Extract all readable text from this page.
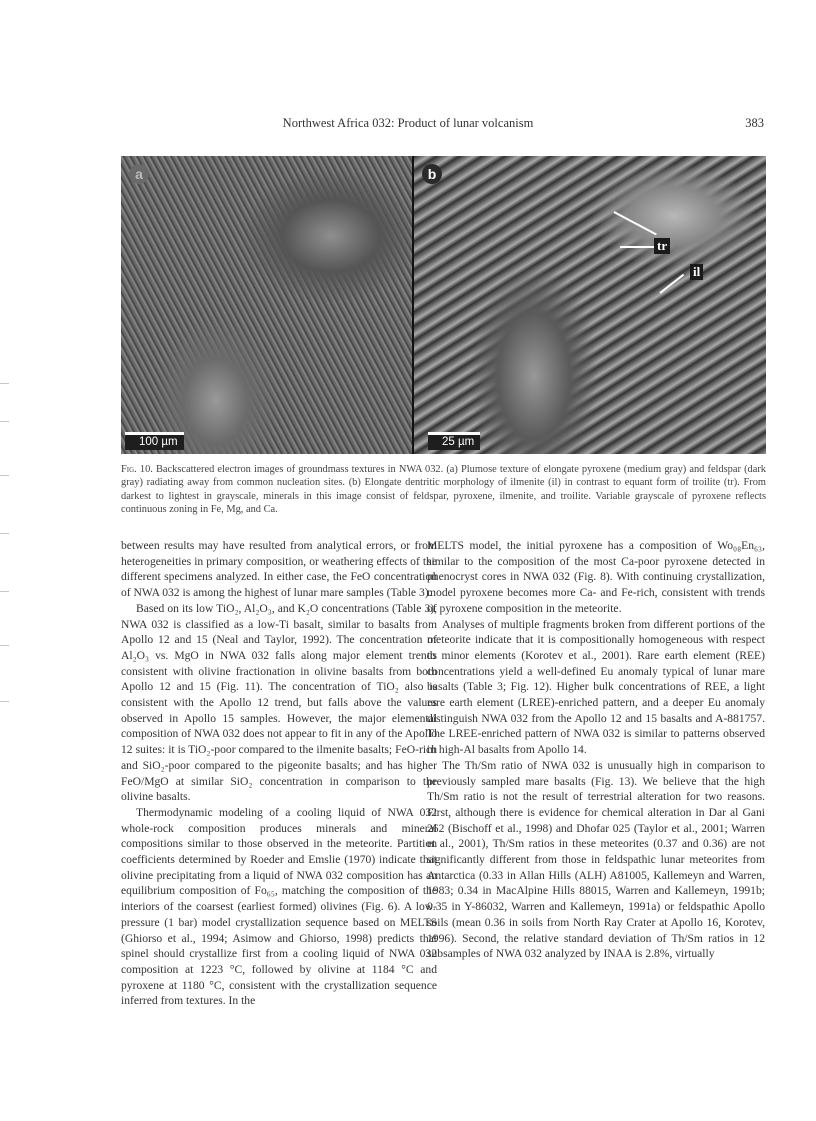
Northwest Africa 032: Product of lunar volcanism	383
a
100 µm
b
tr
il
25 µm
Fig. 10. Backscattered electron images of groundmass textures in NWA 032. (a) Plumose texture of elongate pyroxene (medium gray) and feldspar (dark gray) radiating away from common nucleation sites. (b) Elongate dentritic morphology of ilmenite (il) in contrast to equant form of troilite (tr). From darkest to lightest in grayscale, minerals in this image consist of feldspar, pyroxene, ilmenite, and troilite. Variable grayscale of pyroxene reflects continuous zoning in Fe, Mg, and Ca.

between results may have resulted from analytical errors, or from heterogeneities in primary composition, or weathering effects of the different specimens analyzed. In either case, the FeO concentration of NWA 032 is among the highest of lunar mare samples (Table 3).

Based on its low TiO₂, Al₂O₃, and K₂O concentrations (Table 3), NWA 032 is classified as a low-Ti basalt, similar to basalts from Apollo 12 and 15 (Neal and Taylor, 1992). The concentration of Al₂O₃ vs. MgO in NWA 032 falls along major element trends consistent with olivine fractionation in olivine basalts from both Apollo 12 and 15 (Fig. 11). The concentration of TiO₂ also is consistent with the Apollo 12 trend, but falls above the values observed in Apollo 15 samples. However, the major elemental composition of NWA 032 does not appear to fit in any of the Apollo 12 suites: it is TiO₂-poor compared to the ilmenite basalts; FeO-rich and SiO₂-poor compared to the pigeonite basalts; and has higher FeO/MgO at similar SiO₂ concentration in comparison to the olivine basalts.

Thermodynamic modeling of a cooling liquid of NWA 032 whole-rock composition produces minerals and mineral compositions similar to those observed in the meteorite. Partition coefficients determined by Roeder and Emslie (1970) indicate that olivine precipitating from a liquid of NWA 032 composition has an equilibrium composition of Fo₆₅, matching the composition of the interiors of the coarsest (earliest formed) olivines (Fig. 6). A low-pressure (1 bar) model crystallization sequence based on MELTS (Ghiorso et al., 1994; Asimow and Ghiorso, 1998) predicts that spinel should crystallize first from a cooling liquid of NWA 032 composition at 1223 °C, followed by olivine at 1184 °C and pyroxene at 1180 °C, consistent with the crystallization sequence inferred from textures. In the

MELTS model, the initial pyroxene has a composition of Wo₀₈En₆₃, similar to the composition of the most Ca-poor pyroxene detected in phenocryst cores in NWA 032 (Fig. 8). With continuing crystallization, model pyroxene becomes more Ca- and Fe-rich, consistent with trends of pyroxene composition in the meteorite.

Analyses of multiple fragments broken from different portions of the meteorite indicate that it is compositionally homogeneous with respect to minor elements (Korotev et al., 2001). Rare earth element (REE) concentrations yield a well-defined Eu anomaly typical of lunar mare basalts (Table 3; Fig. 12). Higher bulk concentrations of REE, a light rare earth element (LREE)-enriched pattern, and a deeper Eu anomaly distinguish NWA 032 from the Apollo 12 and 15 basalts and A-881757. The LREE-enriched pattern of NWA 032 is similar to patterns observed in high-Al basalts from Apollo 14.

The Th/Sm ratio of NWA 032 is unusually high in comparison to previously sampled mare basalts (Fig. 13). We believe that the high Th/Sm ratio is not the result of terrestrial alteration for two reasons. First, although there is evidence for chemical alteration in Dar al Gani 262 (Bischoff et al., 1998) and Dhofar 025 (Taylor et al., 2001; Warren et al., 2001), Th/Sm ratios in these meteorites (0.37 and 0.36) are not significantly different from those in feldspathic lunar meteorites from Antarctica (0.33 in Allan Hills (ALH) A81005, Kallemeyn and Warren, 1983; 0.34 in MacAlpine Hills 88015, Warren and Kallemeyn, 1991b; 0.35 in Y-86032, Warren and Kallemeyn, 1991a) or feldspathic Apollo soils (mean 0.36 in soils from North Ray Crater at Apollo 16, Korotev, 1996). Second, the relative standard deviation of Th/Sm ratios in 12 subsamples of NWA 032 analyzed by INAA is 2.8%, virtually
